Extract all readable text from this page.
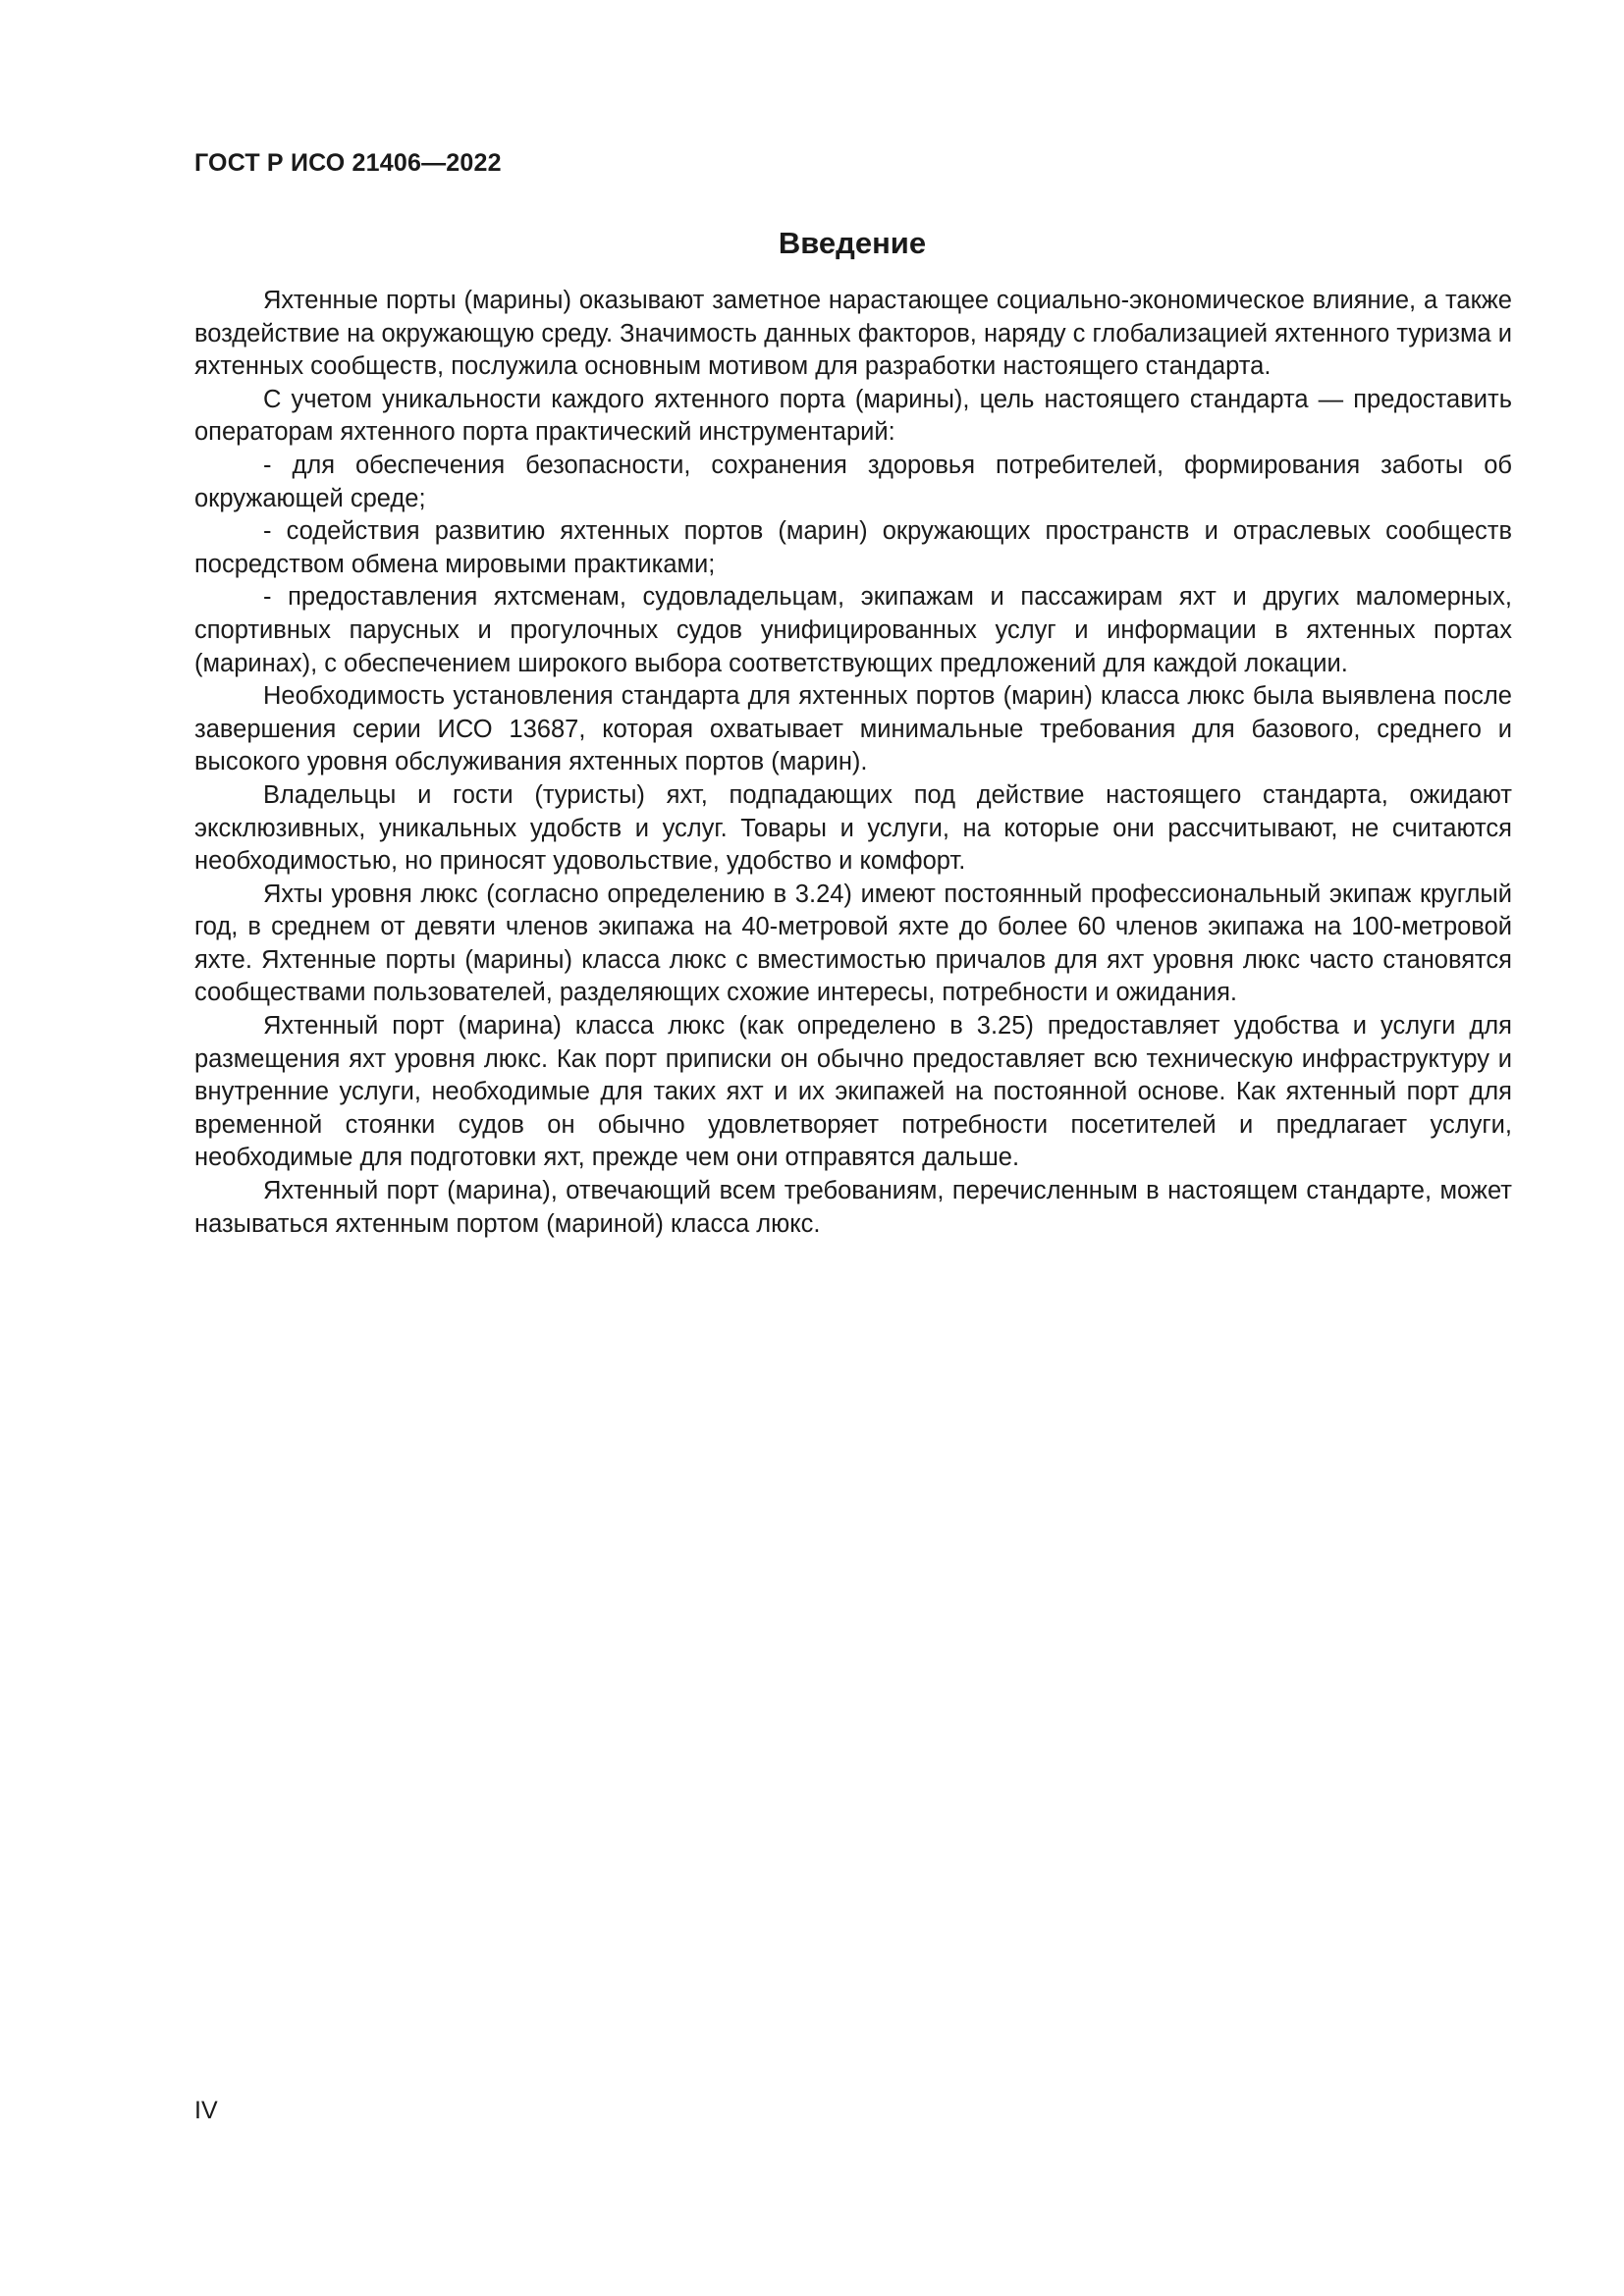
ГОСТ Р ИСО 21406—2022
Введение

Яхтенные порты (марины) оказывают заметное нарастающее социально-экономическое влияние, а также воздействие на окружающую среду. Значимость данных факторов, наряду с глобализацией яхтенного туризма и яхтенных сообществ, послужила основным мотивом для разработки настоящего стандарта.

С учетом уникальности каждого яхтенного порта (марины), цель настоящего стандарта — предоставить операторам яхтенного порта практический инструментарий:

- для обеспечения безопасности, сохранения здоровья потребителей, формирования заботы об окружающей среде;

- содействия развитию яхтенных портов (марин) окружающих пространств и отраслевых сообществ посредством обмена мировыми практиками;

- предоставления яхтсменам, судовладельцам, экипажам и пассажирам яхт и других маломерных, спортивных парусных и прогулочных судов унифицированных услуг и информации в яхтенных портах (маринах), с обеспечением широкого выбора соответствующих предложений для каждой локации.

Необходимость установления стандарта для яхтенных портов (марин) класса люкс была выявлена после завершения серии ИСО 13687, которая охватывает минимальные требования для базового, среднего и высокого уровня обслуживания яхтенных портов (марин).

Владельцы и гости (туристы) яхт, подпадающих под действие настоящего стандарта, ожидают эксклюзивных, уникальных удобств и услуг. Товары и услуги, на которые они рассчитывают, не считаются необходимостью, но приносят удовольствие, удобство и комфорт.

Яхты уровня люкс (согласно определению в 3.24) имеют постоянный профессиональный экипаж круглый год, в среднем от девяти членов экипажа на 40-метровой яхте до более 60 членов экипажа на 100-метровой яхте. Яхтенные порты (марины) класса люкс с вместимостью причалов для яхт уровня люкс часто становятся сообществами пользователей, разделяющих схожие интересы, потребности и ожидания.

Яхтенный порт (марина) класса люкс (как определено в 3.25) предоставляет удобства и услуги для размещения яхт уровня люкс. Как порт приписки он обычно предоставляет всю техническую инфраструктуру и внутренние услуги, необходимые для таких яхт и их экипажей на постоянной основе. Как яхтенный порт для временной стоянки судов он обычно удовлетворяет потребности посетителей и предлагает услуги, необходимые для подготовки яхт, прежде чем они отправятся дальше.

Яхтенный порт (марина), отвечающий всем требованиям, перечисленным в настоящем стандарте, может называться яхтенным портом (мариной) класса люкс.

IV
